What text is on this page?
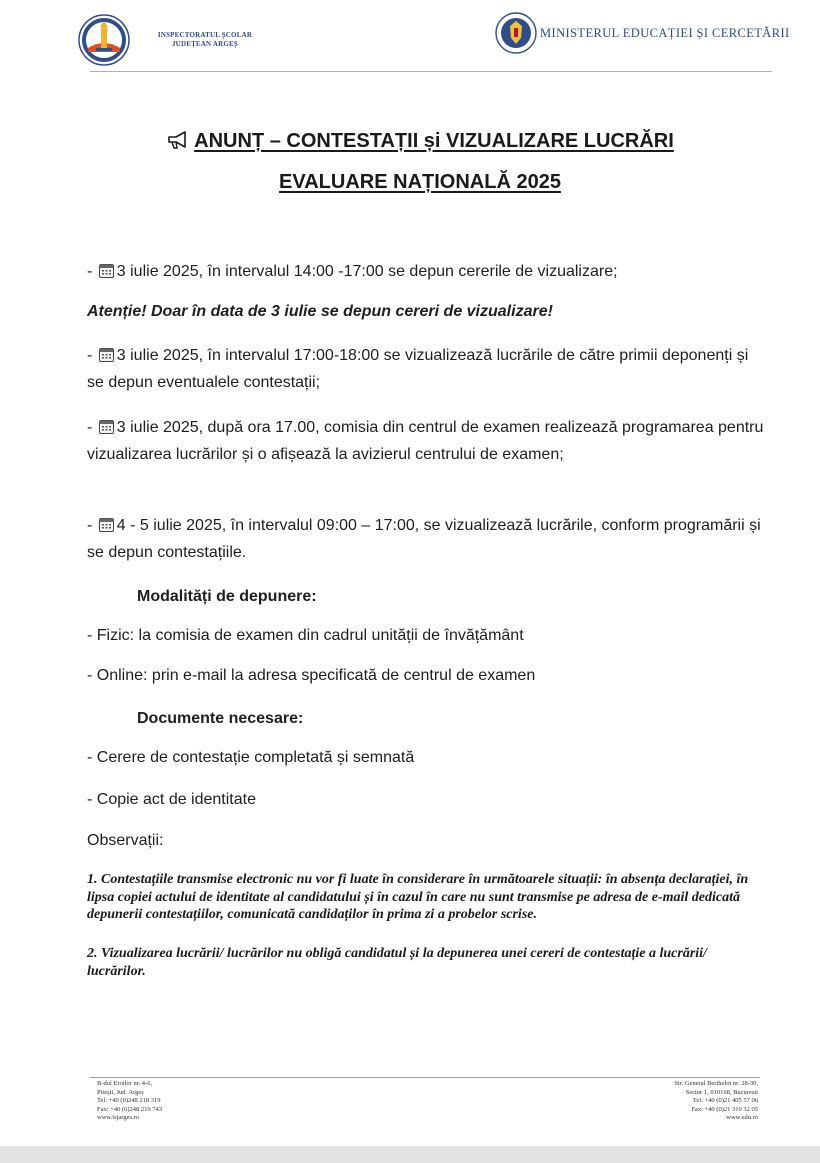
INSPECTORATUL ȘCOLAR
JUDEȚEAN ARGEȘ
MINISTERUL EDUCAȚIEI ȘI CERCETĂRII
ANUNȚ – CONTESTAȚII și VIZUALIZARE LUCRĂRI
EVALUARE NAȚIONALĂ 2025
- 3 iulie 2025, în intervalul 14:00 -17:00 se depun cererile de vizualizare;
Atenție! Doar în data de 3 iulie se depun cereri de vizualizare!
- 3 iulie 2025, în intervalul 17:00-18:00 se vizualizează lucrările de către primii deponenți și se depun eventualele contestații;
- 3 iulie 2025, după ora 17.00, comisia din centrul de examen realizează programarea pentru vizualizarea lucrărilor și o afișează la avizierul centrului de examen;
- 4 - 5 iulie 2025, în intervalul 09:00 – 17:00, se vizualizează lucrările, conform programării și se depun contestațiile.
Modalități de depunere:
- Fizic: la comisia de examen din cadrul unității de învățământ
- Online: prin e-mail la adresa specificată de centrul de examen
Documente necesare:
- Cerere de contestație completată și semnată
- Copie act de identitate
Observații:
1. Contestațiile transmise electronic nu vor fi luate în considerare în următoarele situații: în absența declarației, în lipsa copiei actului de identitate al candidatului și în cazul în care nu sunt transmise pe adresa de e-mail dedicată depunerii contestațiilor, comunicată candidaților în prima zi a probelor scrise.
2. Vizualizarea lucrării/ lucrărilor nu obligă candidatul și la depunerea unei cereri de contestație a lucrării/ lucrărilor.
B-dul Eroilor nr. 4-6,
Pitești, Jud. Argeș
Tel: +40 (0)248 218 319
Fax: +40 (0)248 219 743
www.isjarges.ro
Str. General Berthelot nr. 28-30,
Sector 1, 010168, București
Tel: +40 (0)21 405 57 06
Fax: +40 (0)21 310 32 05
www.edu.ro
